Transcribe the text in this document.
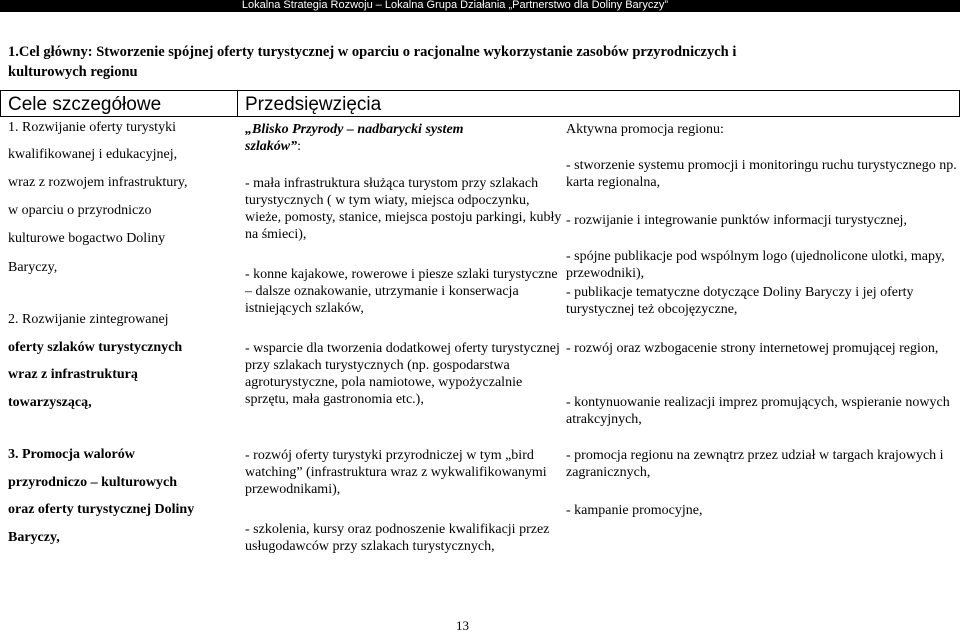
Lokalna Strategia Rozwoju – Lokalna Grupa Działania „Partnerstwo dla Doliny Baryczy”
1.Cel główny: Stworzenie spójnej oferty turystycznej w oparciu o racjonalne wykorzystanie zasobów przyrodniczych i
kulturowych regionu
Cele szczegółowe	Przedsięwzięcia
1. Rozwijanie oferty turystyki
kwalifikowanej i edukacyjnej,
wraz z rozwojem infrastruktury,
w oparciu o przyrodniczo
kulturowe bogactwo Doliny
Baryczy,
2. Rozwijanie zintegrowanej
oferty szlaków turystycznych
wraz z infrastrukturą
towarzyszącą,
3. Promocja walorów
przyrodniczo – kulturowych
oraz oferty turystycznej Doliny
Baryczy,
„Blisko Przyrody – nadbarycki system
szlaków”:
- mała infrastruktura służąca turystom przy szlakach turystycznych ( w tym wiaty, miejsca odpoczynku, wieże, pomosty, stanice, miejsca postoju parkingi, kubły na śmieci),
- konne kajakowe, rowerowe i piesze szlaki turystyczne – dalsze oznakowanie, utrzymanie i konserwacja istniejących szlaków,
- wsparcie dla tworzenia dodatkowej oferty turystycznej przy szlakach turystycznych (np. gospodarstwa agroturystyczne, pola namiotowe, wypożyczalnie sprzętu, mała gastronomia etc.),
- rozwój oferty turystyki przyrodniczej w tym „bird watching” (infrastruktura wraz z wykwalifikowanymi przewodnikami),
- szkolenia, kursy oraz podnoszenie kwalifikacji przez usługodawców przy szlakach turystycznych,
Aktywna promocja regionu:
- stworzenie systemu promocji i monitoringu ruchu turystycznego np. karta regionalna,
- rozwijanie i integrowanie punktów informacji turystycznej,
- spójne publikacje pod wspólnym logo (ujednolicone ulotki, mapy, przewodniki),
- publikacje tematyczne dotyczące Doliny Baryczy i jej oferty turystycznej też obcojęzyczne,
- rozwój oraz wzbogacenie strony internetowej promującej region,
- kontynuowanie realizacji imprez promujących, wspieranie nowych atrakcyjnych,
- promocja regionu na zewnątrz przez udział w targach krajowych i zagranicznych,
- kampanie promocyjne,
13
